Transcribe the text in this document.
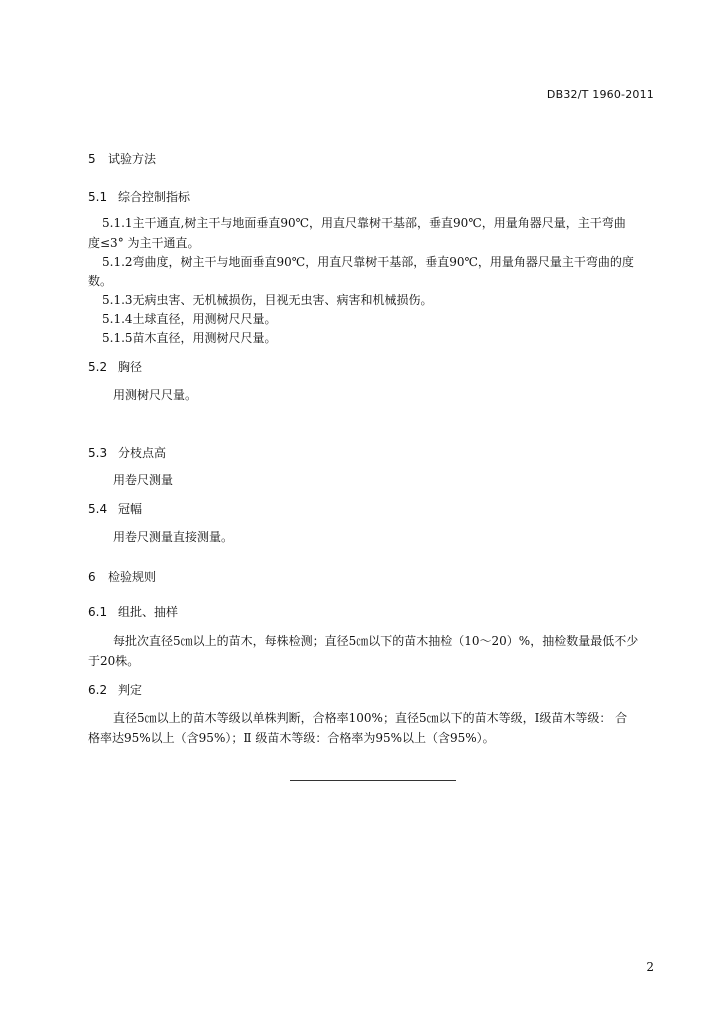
DB32/T 1960-2011
5 试验方法
5.1 综合控制指标
5.1.1主干通直,树主干与地面垂直90℃，用直尺靠树干基部，垂直90℃，用量角器尺量，主干弯曲
度≤3° 为主干通直。
5.1.2弯曲度，树主干与地面垂直90℃，用直尺靠树干基部，垂直90℃，用量角器尺量主干弯曲的度
数。
5.1.3无病虫害、无机械损伤，目视无虫害、病害和机械损伤。
5.1.4土球直径，用测树尺尺量。
5.1.5苗木直径，用测树尺尺量。
5.2 胸径
用测树尺尺量。
5.3 分枝点高
用卷尺测量
5.4 冠幅
用卷尺测量直接测量。
6 检验规则
6.1 组批、抽样
每批次直径5㎝以上的苗木，每株检测；直径5㎝以下的苗木抽检（10～20）%，抽检数量最低不少
于20株。
6.2 判定
直径5㎝以上的苗木等级以单株判断，合格率100%；直径5㎝以下的苗木等级，Ⅰ级苗木等级： 合
格率达95%以上（含95%）；Ⅱ 级苗木等级：合格率为95%以上（含95%）。
2
